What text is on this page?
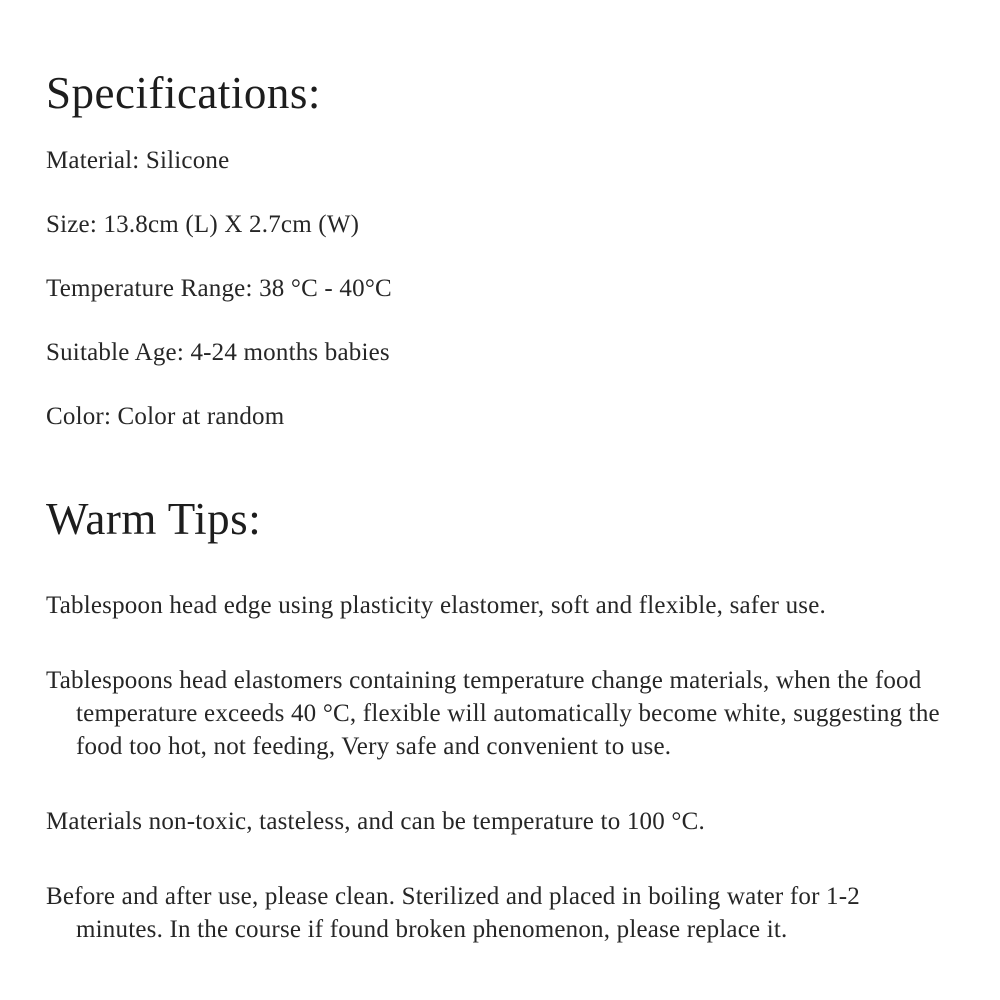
Specifications:

Material: Silicone

Size: 13.8cm (L) X 2.7cm (W)

Temperature Range: 38 °C - 40°C

Suitable Age: 4-24 months babies

Color: Color at random

Warm Tips:

Tablespoon head edge using plasticity elastomer, soft and flexible, safer use.

Tablespoons head elastomers containing temperature change materials, when the food temperature exceeds 40 °C, flexible will automatically become white, suggesting the food too hot, not feeding, Very safe and convenient to use.

Materials non-toxic, tasteless, and can be temperature to 100 °C.

Before and after use, please clean. Sterilized and placed in boiling water for 1-2 minutes. In the course if found broken phenomenon, please replace it.
